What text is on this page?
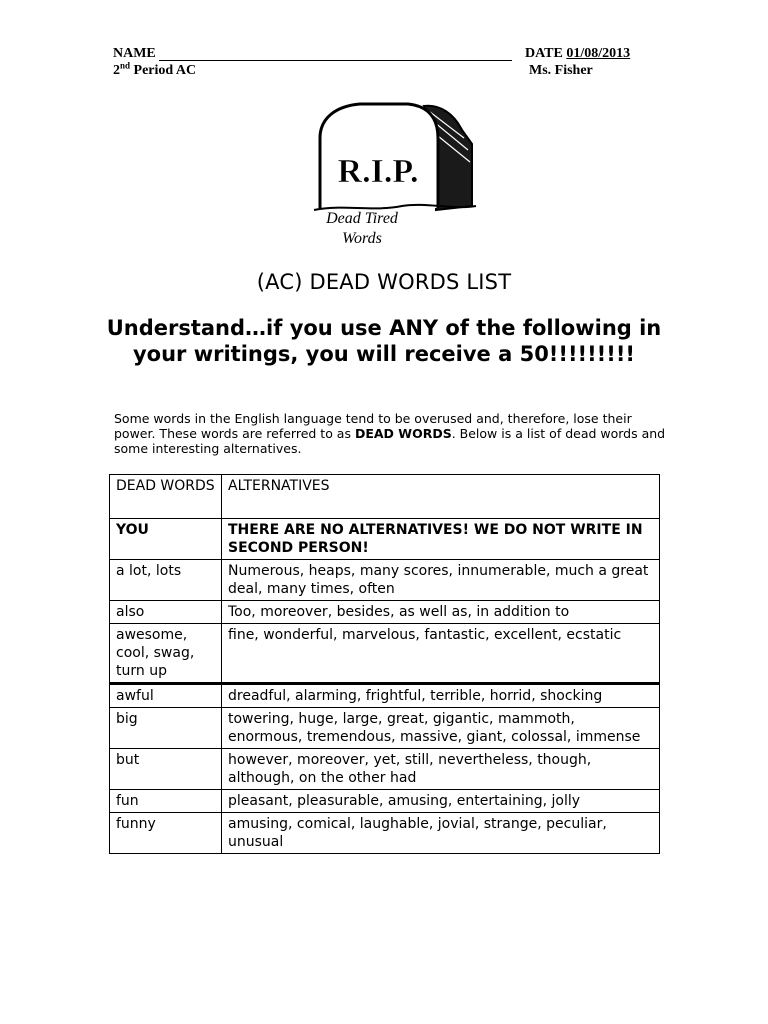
NAME	DATE 01/08/2013
2nd Period AC	Ms. Fisher
R.I.P.
Dead Tired
Words
(AC) DEAD WORDS LIST
Understand…if you use ANY of the following in your writings, you will receive a 50!!!!!!!!!
Some words in the English language tend to be overused and, therefore, lose their power. These words are referred to as DEAD WORDS. Below is a list of dead words and some interesting alternatives.
DEAD WORDS	ALTERNATIVES
YOU	THERE ARE NO ALTERNATIVES! WE DO NOT WRITE IN SECOND PERSON!
a lot, lots	Numerous, heaps, many scores, innumerable, much a great deal, many times, often
also	Too, moreover, besides, as well as, in addition to
awesome, cool, swag, turn up	fine, wonderful, marvelous, fantastic, excellent, ecstatic
awful	dreadful, alarming, frightful, terrible, horrid, shocking
big	towering, huge, large, great, gigantic, mammoth, enormous, tremendous, massive, giant, colossal, immense
but	however, moreover, yet, still, nevertheless, though, although, on the other had
fun	pleasant, pleasurable, amusing, entertaining, jolly
funny	amusing, comical, laughable, jovial, strange, peculiar, unusual
